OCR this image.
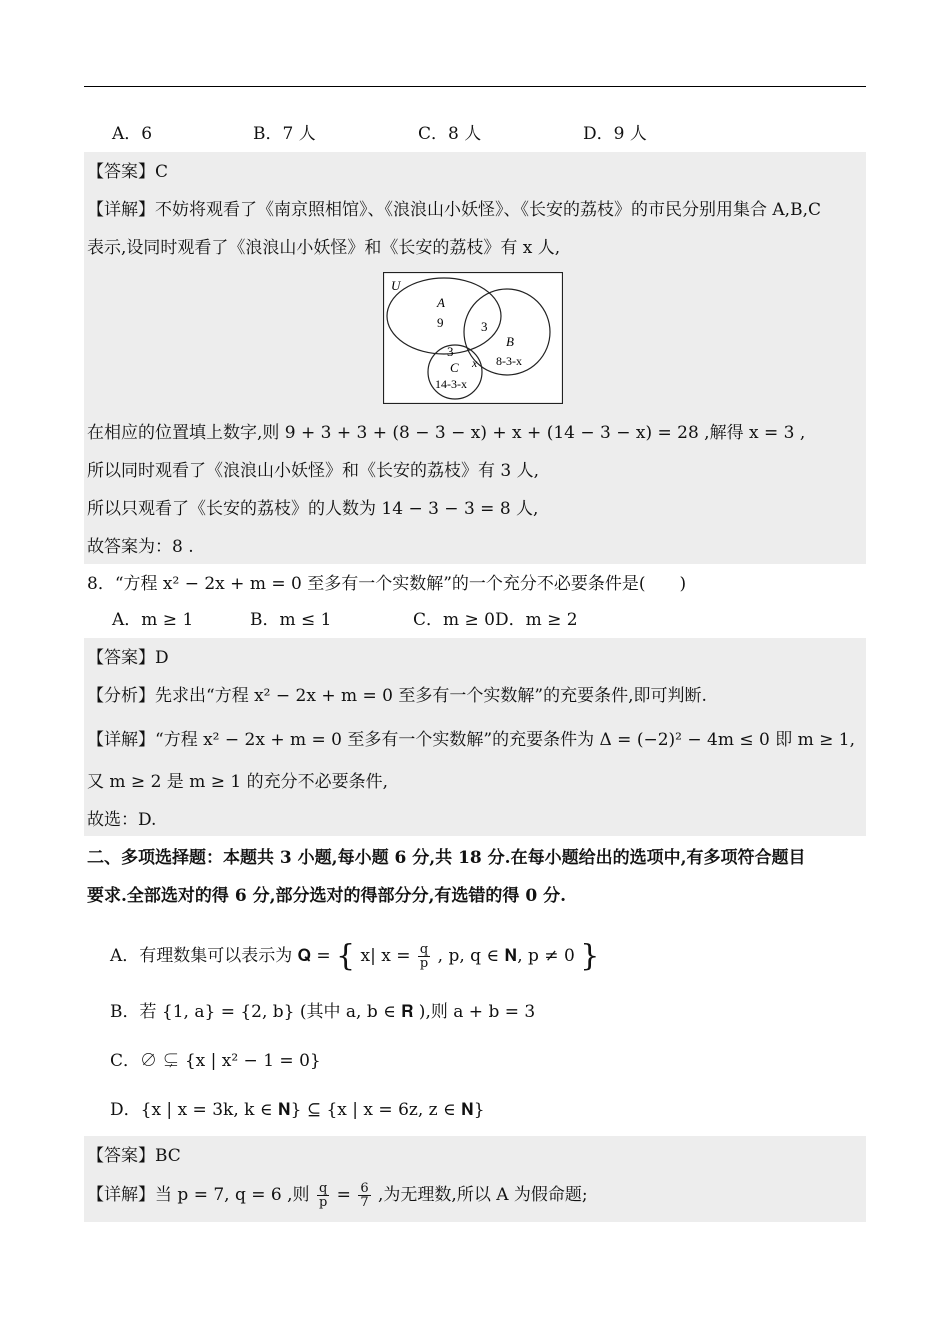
A．6	B．7 人	C．8 人	D．9 人
【答案】C
【详解】不妨将观看了《南京照相馆》、《浪浪山小妖怪》、《长安的荔枝》的市民分别用集合 A,B,C
表示,设同时观看了《浪浪山小妖怪》和《长安的荔枝》有 x 人,
U
A
9	3
B
8-3-x
3
x
C
14-3-x
在相应的位置填上数字,则 9 + 3 + 3 + (8 − 3 − x) + x + (14 − 3 − x) = 28 ,解得 x = 3 ,
所以同时观看了《浪浪山小妖怪》和《长安的荔枝》有 3 人,
所以只观看了《长安的荔枝》的人数为 14 − 3 − 3 = 8 人,
故答案为：8 .
8．“方程 x² − 2x + m = 0 至多有一个实数解”的一个充分不必要条件是(　　)
A．m ≥ 1	B．m ≤ 1	C．m ≥ 0 D．m ≥ 2
【答案】D
【分析】先求出“方程 x² − 2x + m = 0 至多有一个实数解”的充要条件,即可判断.
【详解】“方程 x² − 2x + m = 0 至多有一个实数解”的充要条件为 Δ = (−2)² − 4m ≤ 0 即 m ≥ 1,
又 m ≥ 2 是 m ≥ 1 的充分不必要条件,
故选：D.
二、多项选择题：本题共 3 小题,每小题 6 分,共 18 分.在每小题给出的选项中,有多项符合题目
要求.全部选对的得 6 分,部分选对的得部分分,有选错的得 0 分.
A．有理数集可以表示为 𝐐 = { x| $x = \frac{q}{p}$ , p, q ∈ 𝐍, p ≠ 0 }
B．若 {1, a} = {2, b} (其中 a, b ∈ 𝐑 ),则 a + b = 3
C．∅ ⊊ {x | x² − 1 = 0}
D．{x | x = 3k, k ∈ 𝐍} ⊆ {x | x = 6z, z ∈ 𝐍}
【答案】BC
【详解】当 p = 7, q = 6 ,则 $\frac{q}{p} = \frac{6}{7}$ ,为无理数,所以 A 为假命题;
